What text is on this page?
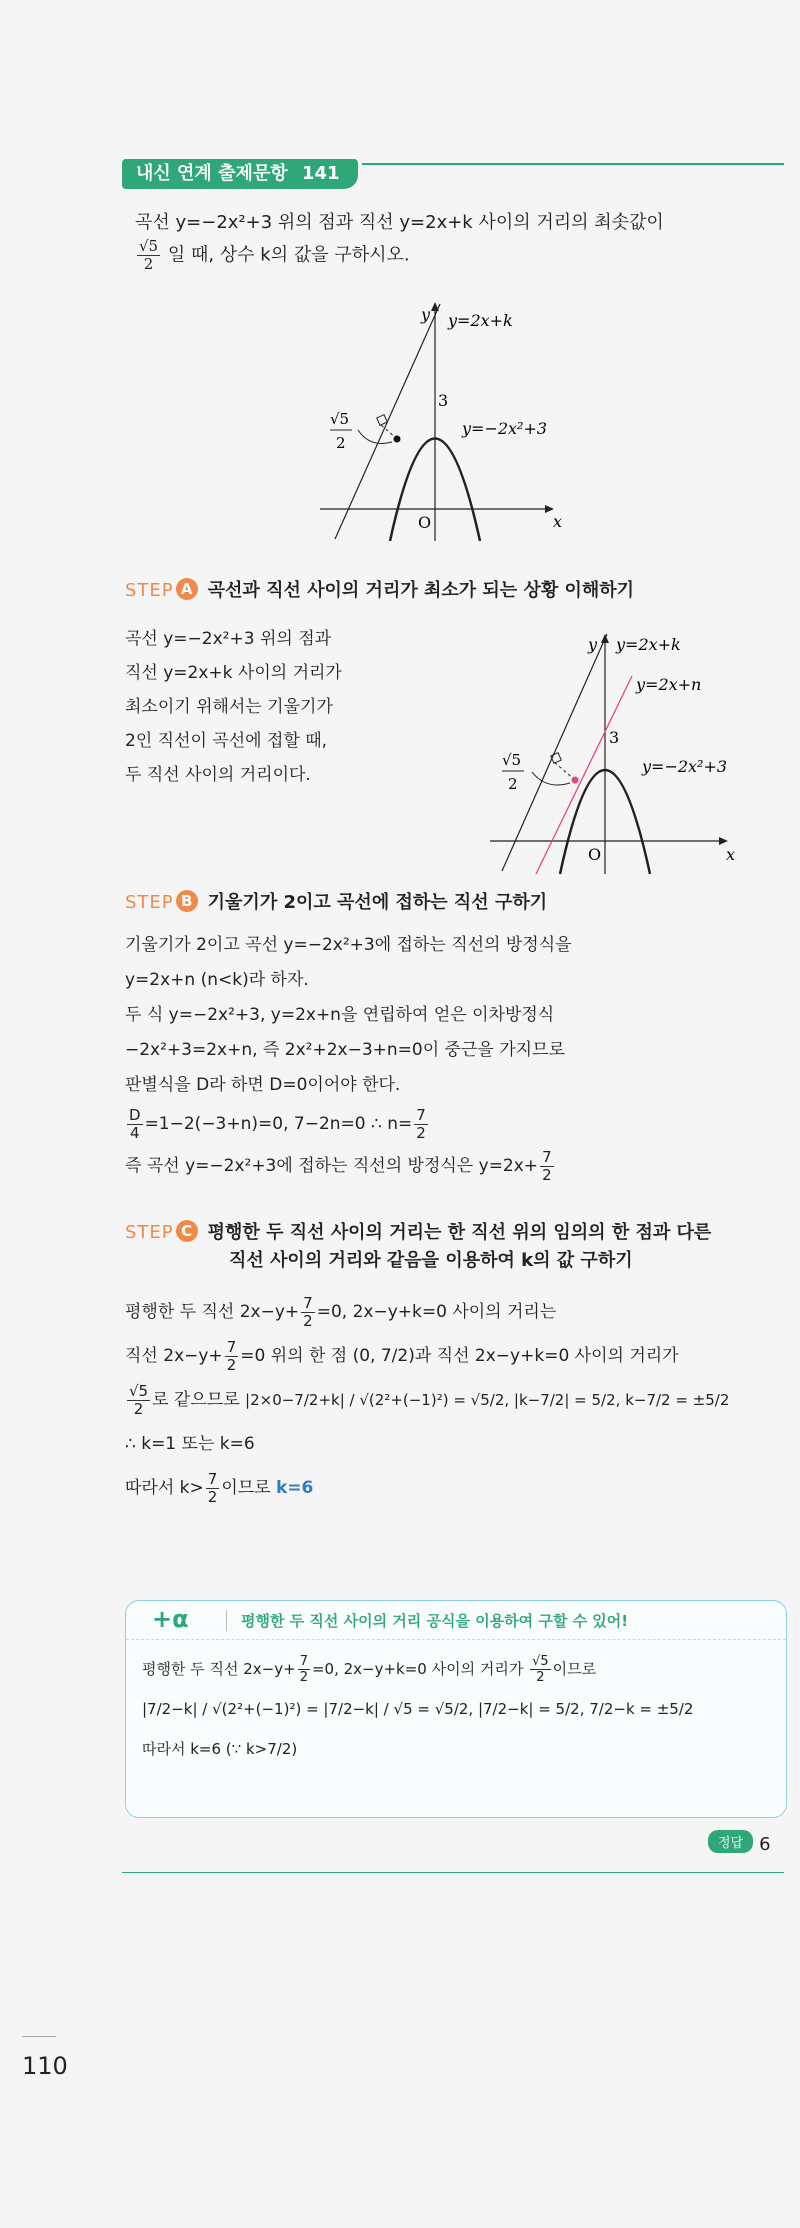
내신 연계 출제문항 141
곡선 y=−2x²+3 위의 점과 직선 y=2x+k 사이의 거리의 최솟값이
$\frac{√5}{2}$ 일 때, 상수 k의 값을 구하시오.
y y=2x+k
3
y=−2x²+3
O	x
√5
2
STEP A 곡선과 직선 사이의 거리가 최소가 되는 상황 이해하기

곡선 y=−2x²+3 위의 점과

직선 y=2x+k 사이의 거리가

최소이기 위해서는 기울기가

2인 직선이 곡선에 접할 때,

두 직선 사이의 거리이다.

y y=2x+k
y=2x+n
3
y=−2x²+3
O	x
√5
2
STEP B 기울기가 2이고 곡선에 접하는 직선 구하기

기울기가 2이고 곡선 y=−2x²+3에 접하는 직선의 방정식을

y=2x+n (n<k)라 하자.

두 식 y=−2x²+3, y=2x+n을 연립하여 얻은 이차방정식

−2x²+3=2x+n, 즉 2x²+2x−3+n=0이 중근을 가지므로

판별식을 D라 하면 D=0이어야 한다.

$\frac{D}{4} =1-2(-3+n)=0$, 7−2n=0 ∴ $n= \frac{7}{2}$

즉 곡선 y=−2x²+3에 접하는 직선의 방정식은 $y=2x+ \frac{7}{2}$

STEP C 평행한 두 직선 사이의 거리는 한 직선 위의 임의의 한 점과 다른
직선 사이의 거리와 같음을 이용하여 k의 값 구하기

평행한 두 직선 $2x-y+ \frac{7}{2} =0$, 2x−y+k=0 사이의 거리는

직선 $2x-y+ \frac{7}{2} =0$ 위의 한 점 (0, 7/2)과 직선 2x−y+k=0 사이의 거리가

$\frac{√5}{2}$ 로 같으므로 |2×0−7/2+k| / √(2²+(−1)²) = √5/2, |k−7/2| = 5/2, k−7/2 = ±5/2

∴ k=1 또는 k=6

따라서 $k> \frac{7}{2}$ 이므로 k=6

+α	평행한 두 직선 사이의 거리 공식을 이용하여 구할 수 있어!

평행한 두 직선 $2x-y+ \frac{7}{2} =0$, 2x−y+k=0 사이의 거리가 $\frac{√5}{2}$ 이므로

|7/2−k| / √(2²+(−1)²) = |7/2−k| / √5 = √5/2, |7/2−k| = 5/2, 7/2−k = ±5/2

따라서 k=6 (∵ k>7/2)

정답 6
110
